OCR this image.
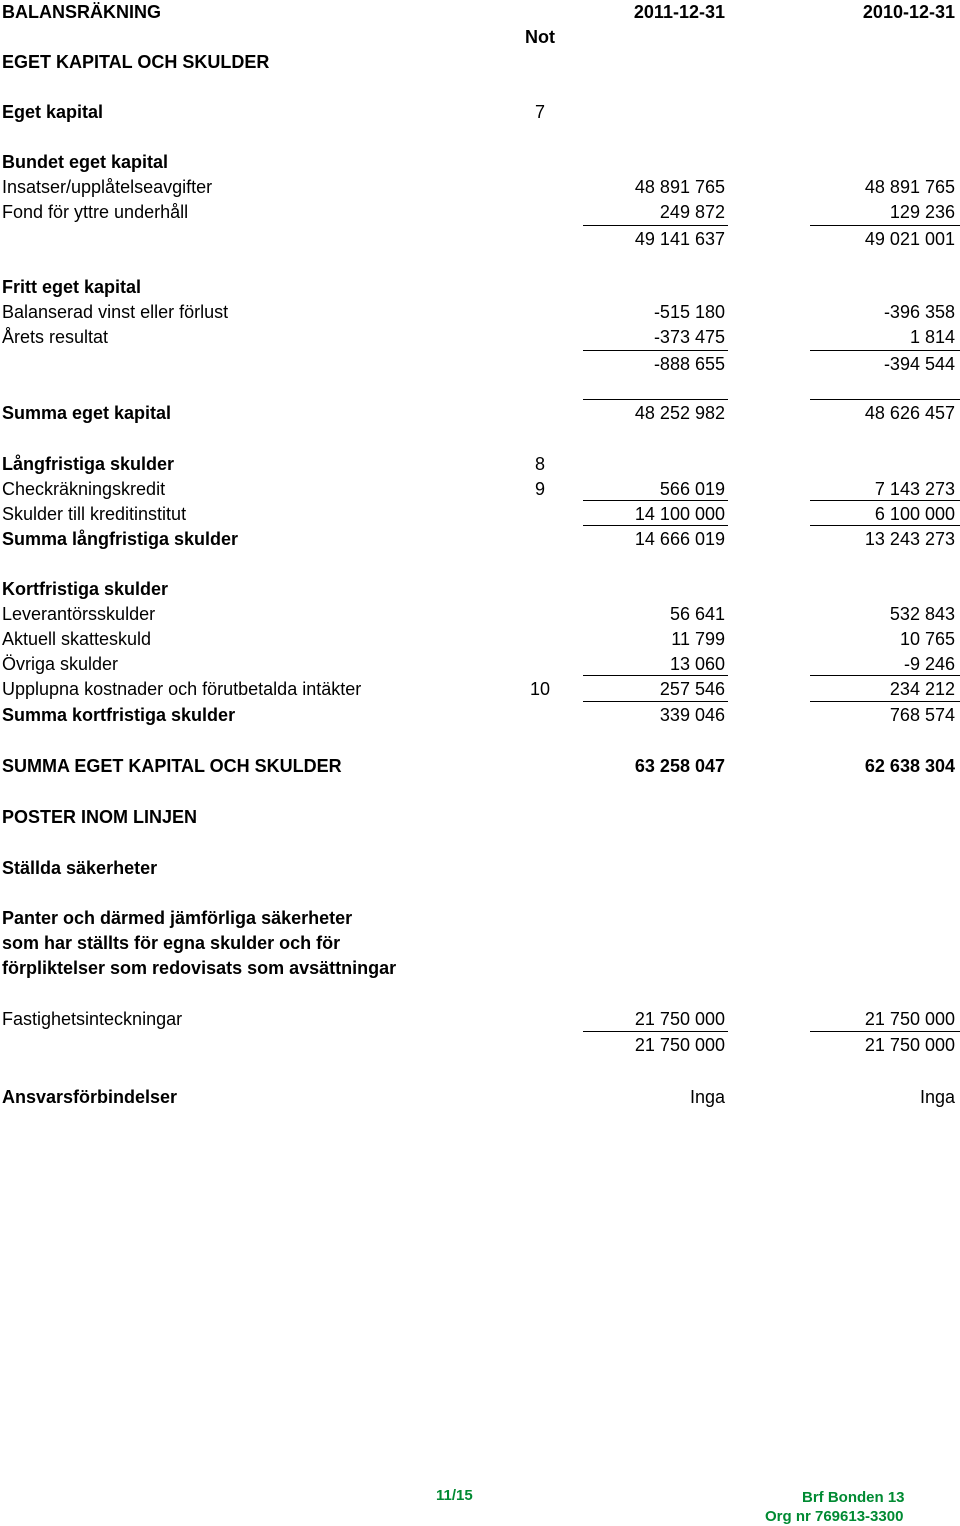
BALANSRÄKNING	2011-12-31	2010-12-31
Not
EGET KAPITAL OCH SKULDER
Eget kapital	7
Bundet eget kapital
Insatser/upplåtelseavgifter	48 891 765	48 891 765
Fond för yttre underhåll	249 872	129 236
49 141 637	49 021 001
Fritt eget kapital
Balanserad vinst eller förlust	-515 180	-396 358
Årets resultat	-373 475	1 814
-888 655	-394 544
Summa eget kapital	48 252 982	48 626 457
Långfristiga skulder	8
Checkräkningskredit	9	566 019	7 143 273
Skulder till kreditinstitut	14 100 000	6 100 000
Summa långfristiga skulder	14 666 019	13 243 273
Kortfristiga skulder
Leverantörsskulder	56 641	532 843
Aktuell skatteskuld	11 799	10 765
Övriga skulder	13 060	-9 246
Upplupna kostnader och förutbetalda intäkter	10	257 546	234 212
Summa kortfristiga skulder	339 046	768 574
SUMMA EGET KAPITAL OCH SKULDER	63 258 047	62 638 304
POSTER INOM LINJEN
Ställda säkerheter
Panter och därmed jämförliga säkerheter
som har ställts för egna skulder och för
förpliktelser som redovisats som avsättningar
Fastighetsinteckningar	21 750 000	21 750 000
21 750 000	21 750 000
Ansvarsförbindelser	Inga	Inga
11/15	Brf Bonden 13
Org nr 769613-3300
